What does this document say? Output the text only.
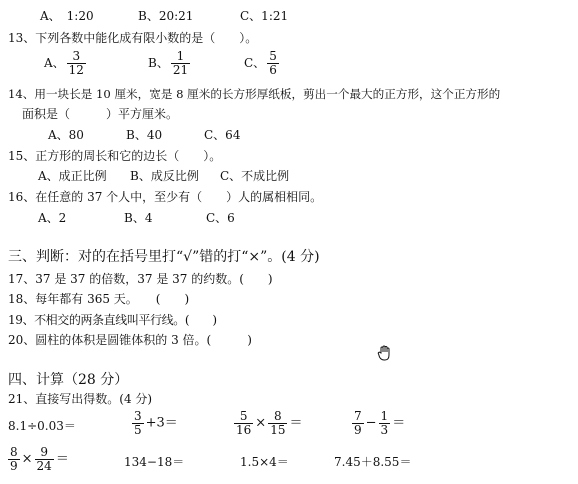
A、　1:20	B、20:21	C、1:21
13、下列各数中能化成有限小数的是（　　）。
A、 $\frac{3}{12}$	B、 $\frac{1}{21}$	C、 $\frac{5}{6}$
14、用一块长是 10 厘米，宽是 8 厘米的长方形厚纸板，剪出一个最大的正方形，这个正方形的
面积是（　　　）平方厘米。
A、80	B、40	C、64
15、正方形的周长和它的边长（　　）。
A、成正比例 B、成反比例 C、不成比例
16、在任意的 37 个人中，至少有（　　）人的属相相同。
A、2	B、4	C、6
三、判断：对的在括号里打“√”错的打“×”。(4 分)
17、37 是 37 的倍数，37 是 37 的约数。(　　)
18、每年都有 365 天。　　(　　)
19、不相交的两条直线叫平行线。(　　)
20、圆柱的体积是圆锥体积的 3 倍。(　　　)
四、计算（28 分）
21、直接写出得数。(4 分)
8.1÷0.03＝	$\frac{3}{5} +3=$	$\frac{5}{16} \times \frac{8}{15}$ ＝	$\frac{7}{9} - \frac{1}{3}$ ＝
$\frac{8}{9} \times \frac{9}{24}$ ＝	134−18＝	1.5×4＝	7.45＋8.55＝
